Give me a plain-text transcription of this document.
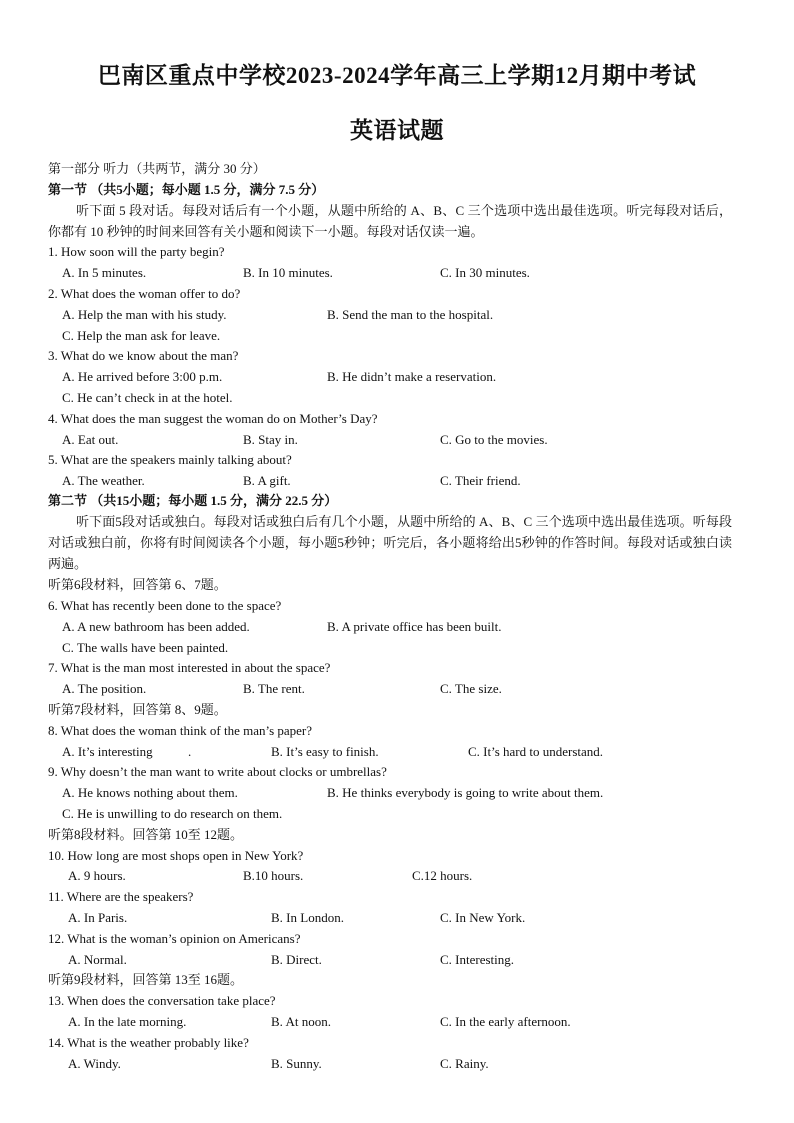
巴南区重点中学校2023-2024学年高三上学期12月期中考试
英语试题
第一部分 听力（共两节，满分 30 分）
第一节 （共5小题；每小题 1.5 分，满分 7.5 分）
听下面 5 段对话。每段对话后有一个小题，从题中所给的 A、B、C 三个选项中选出最佳选项。听完每段对话后，你都有 10 秒钟的时间来回答有关小题和阅读下一小题。每段对话仅读一遍。
1. How soon will the party begin?
A. In 5 minutes.	B. In 10 minutes.	C. In 30 minutes.
2. What does the woman offer to do?
A. Help the man with his study.	B. Send the man to the hospital.
C. Help the man ask for leave.
3. What do we know about the man?
A. He arrived before 3:00 p.m.	B. He didn’t make a reservation.
C. He can’t check in at the hotel.
4. What does the man suggest the woman do on Mother’s Day?
A. Eat out.	B. Stay in.	C. Go to the movies.
5. What are the speakers mainly talking about?
A. The weather.	B. A gift.	C. Their friend.
第二节 （共15小题；每小题 1.5 分，满分 22.5 分）
听下面5段对话或独白。每段对话或独白后有几个小题，从题中所给的 A、B、C 三个选项中选出最佳选项。听每段对话或独白前，你将有时间阅读各个小题，每小题5秒钟；听完后，各小题将给出5秒钟的作答时间。每段对话或独白读两遍。
听第6段材料，回答第 6、7题。
6. What has recently been done to the space?
A. A new bathroom has been added.	B. A private office has been built.
C. The walls have been painted.
7. What is the man most interested in about the space?
A. The position.	B. The rent.	C. The size.
听第7段材料，回答第 8、9题。
8. What does the woman think of the man’s paper?
A. It’s interesting	.	B. It’s easy to finish.	C. It’s hard to understand.
9. Why doesn’t the man want to write about clocks or umbrellas?
A. He knows nothing about them.	B. He thinks everybody is going to write about them.
C. He is unwilling to do research on them.
听第8段材料。回答第 10至 12题。
10. How long are most shops open in New York?
A. 9 hours.	B.10 hours.	C.12 hours.
11. Where are the speakers?
A. In Paris.	B. In London.	C. In New York.
12. What is the woman’s opinion on Americans?
A. Normal.	B. Direct.	C. Interesting.
听第9段材料，回答第 13至 16题。
13. When does the conversation take place?
A. In the late morning.	B. At noon.	C. In the early afternoon.
14. What is the weather probably like?
A. Windy.	B. Sunny.	C. Rainy.
